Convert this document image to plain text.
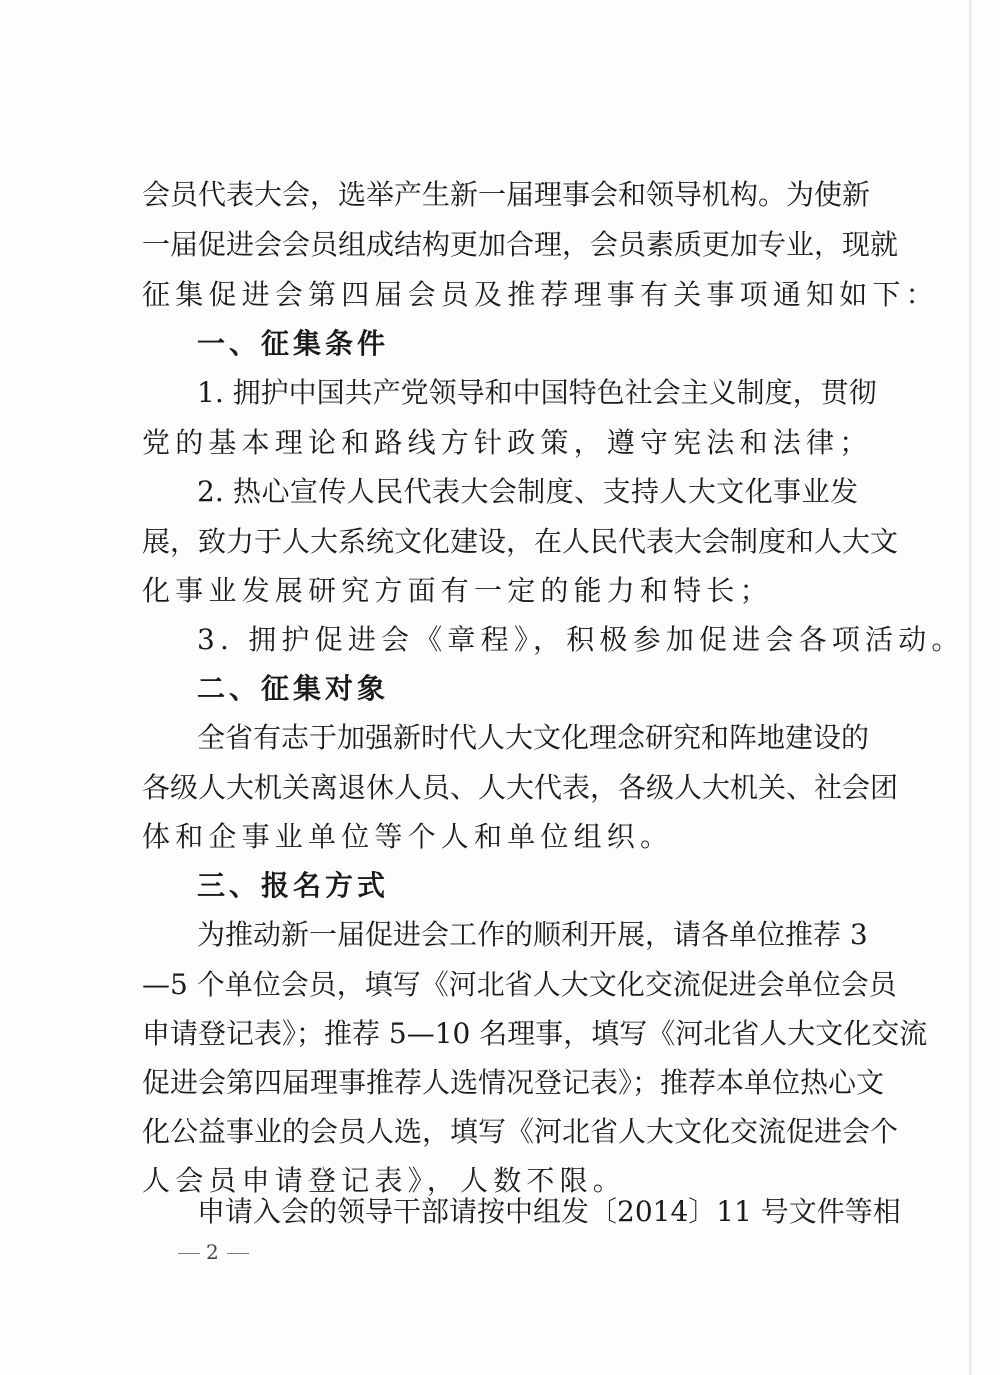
会员代表大会，选举产生新一届理事会和领导机构。为使新
一届促进会会员组成结构更加合理，会员素质更加专业，现就
征集促进会第四届会员及推荐理事有关事项通知如下：
一、征集条件
1. 拥护中国共产党领导和中国特色社会主义制度，贯彻
党的基本理论和路线方针政策，遵守宪法和法律；
2. 热心宣传人民代表大会制度、支持人大文化事业发
展，致力于人大系统文化建设，在人民代表大会制度和人大文
化事业发展研究方面有一定的能力和特长；
3. 拥护促进会《章程》，积极参加促进会各项活动。
二、征集对象
全省有志于加强新时代人大文化理念研究和阵地建设的
各级人大机关离退休人员、人大代表，各级人大机关、社会团
体和企事业单位等个人和单位组织。
三、报名方式
为推动新一届促进会工作的顺利开展，请各单位推荐 3
—5 个单位会员，填写《河北省人大文化交流促进会单位会员
申请登记表》；推荐 5—10 名理事，填写《河北省人大文化交流
促进会第四届理事推荐人选情况登记表》；推荐本单位热心文
化公益事业的会员人选，填写《河北省人大文化交流促进会个
人会员申请登记表》，人数不限。
申请入会的领导干部请按中组发〔2014〕11 号文件等相
2
